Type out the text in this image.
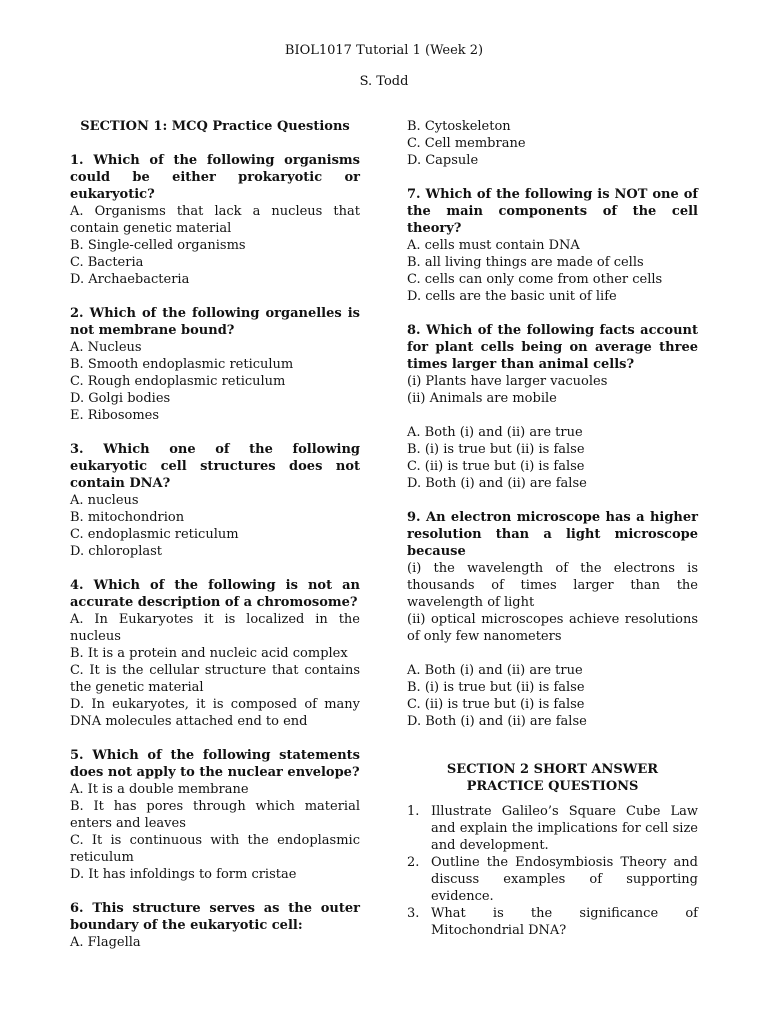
BIOL1017 Tutorial 1 (Week 2)
S. Todd

SECTION 1: MCQ Practice Questions

1. Which of the following organisms could be either prokaryotic or eukaryotic?

A. Organisms that lack a nucleus that contain genetic material

B. Single-celled organisms

C. Bacteria

D. Archaebacteria

2. Which of the following organelles is not membrane bound?

A. Nucleus

B. Smooth endoplasmic reticulum

C. Rough endoplasmic reticulum

D. Golgi bodies

E. Ribosomes

3. Which one of the following eukaryotic cell structures does not contain DNA?

A. nucleus

B. mitochondrion

C. endoplasmic reticulum

D. chloroplast

4. Which of the following is not an accurate description of a chromosome?

A. In Eukaryotes it is localized in the nucleus

B. It is a protein and nucleic acid complex

C. It is the cellular structure that contains the genetic material

D. In eukaryotes, it is composed of many DNA molecules attached end to end

5. Which of the following statements does not apply to the nuclear envelope?

A. It is a double membrane

B. It has pores through which material enters and leaves

C. It is continuous with the endoplasmic reticulum

D. It has infoldings to form cristae

6. This structure serves as the outer boundary of the eukaryotic cell:

A. Flagella

B. Cytoskeleton

C. Cell membrane

D. Capsule

7. Which of the following is NOT one of the main components of the cell theory?

A. cells must contain DNA

B. all living things are made of cells

C. cells can only come from other cells

D. cells are the basic unit of life

8. Which of the following facts account for plant cells being on average three times larger than animal cells?

(i) Plants have larger vacuoles

(ii) Animals are mobile

A. Both (i) and (ii) are true

B. (i) is true but (ii) is false

C. (ii) is true but (i) is false

D. Both (i) and (ii) are false

9. An electron microscope has a higher resolution than a light microscope because

(i) the wavelength of the electrons is thousands of times larger than the wavelength of light

(ii) optical microscopes achieve resolutions of only few nanometers

A. Both (i) and (ii) are true

B. (i) is true but (ii) is false

C. (ii) is true but (i) is false

D. Both (i) and (ii) are false

SECTION 2 SHORT ANSWER PRACTICE QUESTIONS

1. Illustrate Galileo’s Square Cube Law and explain the implications for cell size and development.
2. Outline the Endosymbiosis Theory and discuss examples of supporting evidence.
3. What is the significance of Mitochondrial DNA?
